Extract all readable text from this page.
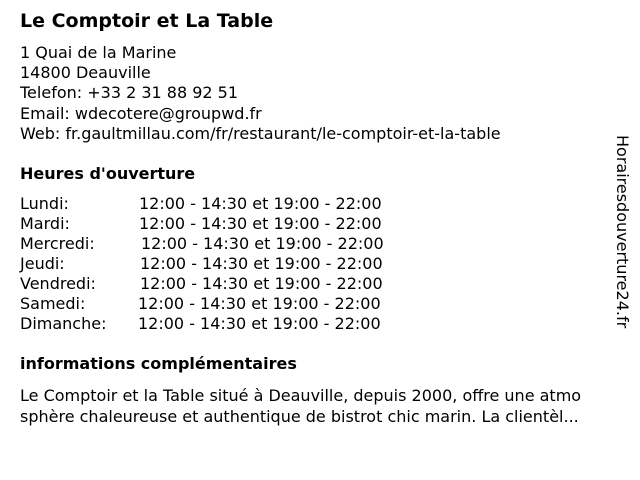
Le Comptoir et La Table
1 Quai de la Marine
14800 Deauville
Telefon: +33 2 31 88 92 51
Email: wdecotere@groupwd.fr
Web: fr.gaultmillau.com/fr/restaurant/le-comptoir-et-la-table
Heures d'ouverture
Lundi:	12:00 - 14:30 et 19:00 - 22:00
Mardi:	12:00 - 14:30 et 19:00 - 22:00
Mercredi:	12:00 - 14:30 et 19:00 - 22:00
Jeudi:	12:00 - 14:30 et 19:00 - 22:00
Vendredi:	12:00 - 14:30 et 19:00 - 22:00
Samedi:	12:00 - 14:30 et 19:00 - 22:00
Dimanche:	12:00 - 14:30 et 19:00 - 22:00
informations complémentaires
Le Comptoir et la Table situé à Deauville, depuis 2000, offre une atmo
sphère chaleureuse et authentique de bistrot chic marin. La clientèl...
Horairesdouverture24.fr
